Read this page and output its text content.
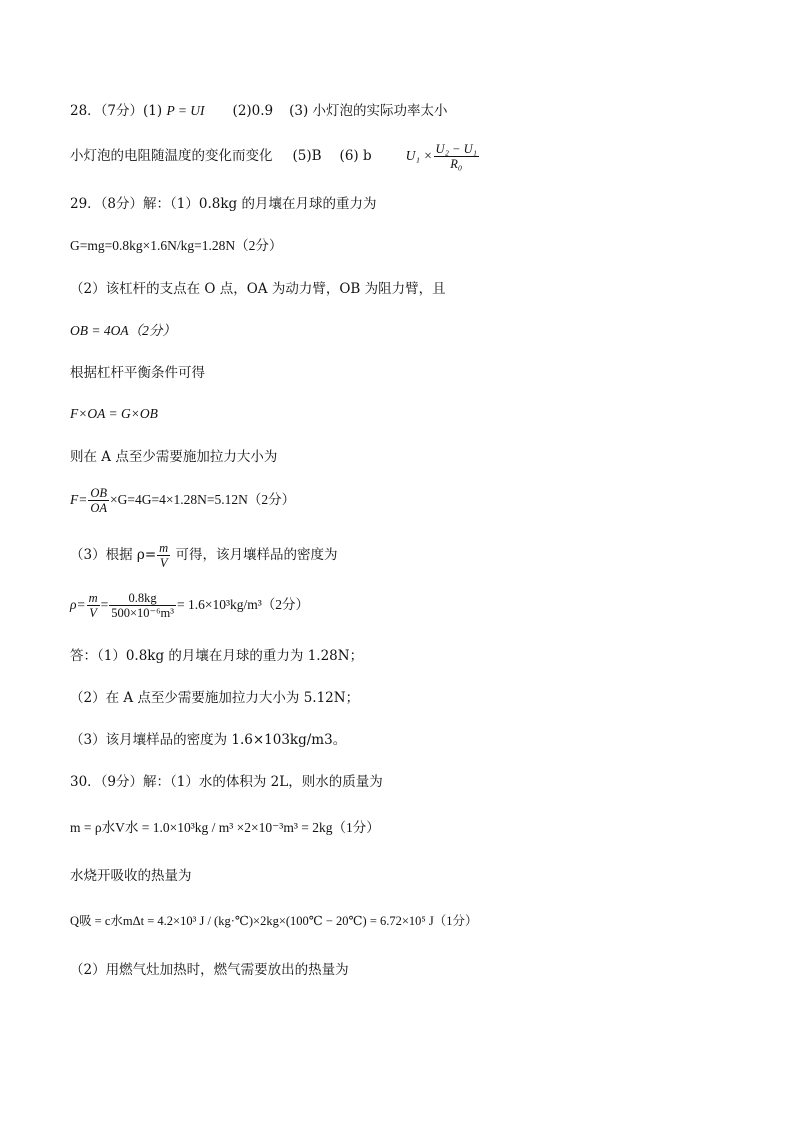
28．（7分）(1) P = UI (2)0.9 (3) 小灯泡的实际功率太小
小灯泡的电阻随温度的变化而变化 (5)B (6) b	$U_1 \times \frac{\text{U₂ − U₁}}{\text{R₀}}$
29．（8分）解：（1）0.8kg 的月壤在月球的重力为
G=mg=0.8kg×1.6N/kg=1.28N（2分）
（2）该杠杆的支点在 O 点，OA 为动力臂，OB 为阻力臂，且
OB = 4OA（2分）
根据杠杆平衡条件可得
F×OA = G×OB
则在 A 点至少需要施加拉力大小为
$F= \frac{OB}{OA} \times G=4G=4\times 1.28N=5.12N(2$分）
（3）根据 $\rho= \frac{m}{V}$ 可得，该月壤样品的密度为
$\rho= \frac{m}{V} = \frac{0.8kg}{\text{500×10⁻⁶m³}} = 1.6\times 10^3kg/m^3(2$分）
答：（1）0.8kg 的月壤在月球的重力为 1.28N；
（2）在 A 点至少需要施加拉力大小为 5.12N；
（3）该月壤样品的密度为 1.6×103kg/m3。
30．（9分）解：（1）水的体积为 2L，则水的质量为
m = ρ水V水 = 1.0×10³kg / m³ ×2×10⁻³m³ = 2kg（1分）
水烧开吸收的热量为
Q吸 = c水mΔt = 4.2×10³ J / (kg·℃)×2kg×(100℃ − 20℃) = 6.72×10⁵ J（1分）
（2）用燃气灶加热时，燃气需要放出的热量为
